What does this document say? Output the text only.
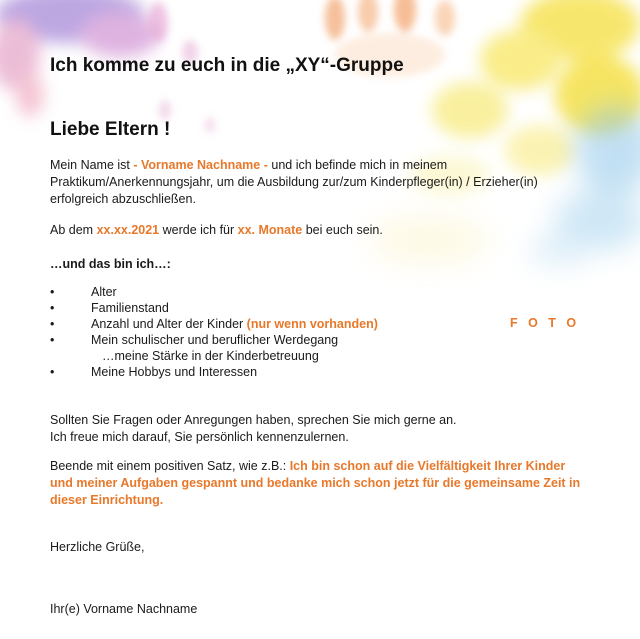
Ich komme zu euch in die „XY“-Gruppe
Liebe Eltern !
Mein Name ist - Vorname Nachname - und ich befinde mich in meinem Praktikum/Anerkennungsjahr, um die Ausbildung zur/zum Kinderpfleger(in) / Erzieher(in) erfolgreich abzuschließen.
Ab dem xx.xx.2021 werde ich für xx. Monate bei euch sein.
…und das bin ich…:
•	Alter
•	Familienstand
•	Anzahl und Alter der Kinder (nur wenn vorhanden)
•	Mein schulischer und beruflicher Werdegang
…meine Stärke in der Kinderbetreuung
•	Meine Hobbys und Interessen
F O T O
Sollten Sie Fragen oder Anregungen haben, sprechen Sie mich gerne an.
Ich freue mich darauf, Sie persönlich kennenzulernen.
Beende mit einem positiven Satz, wie z.B.: Ich bin schon auf die Vielfältigkeit Ihrer Kinder und meiner Aufgaben gespannt und bedanke mich schon jetzt für die gemeinsame Zeit in dieser Einrichtung.
Herzliche Grüße,
Ihr(e) Vorname Nachname
